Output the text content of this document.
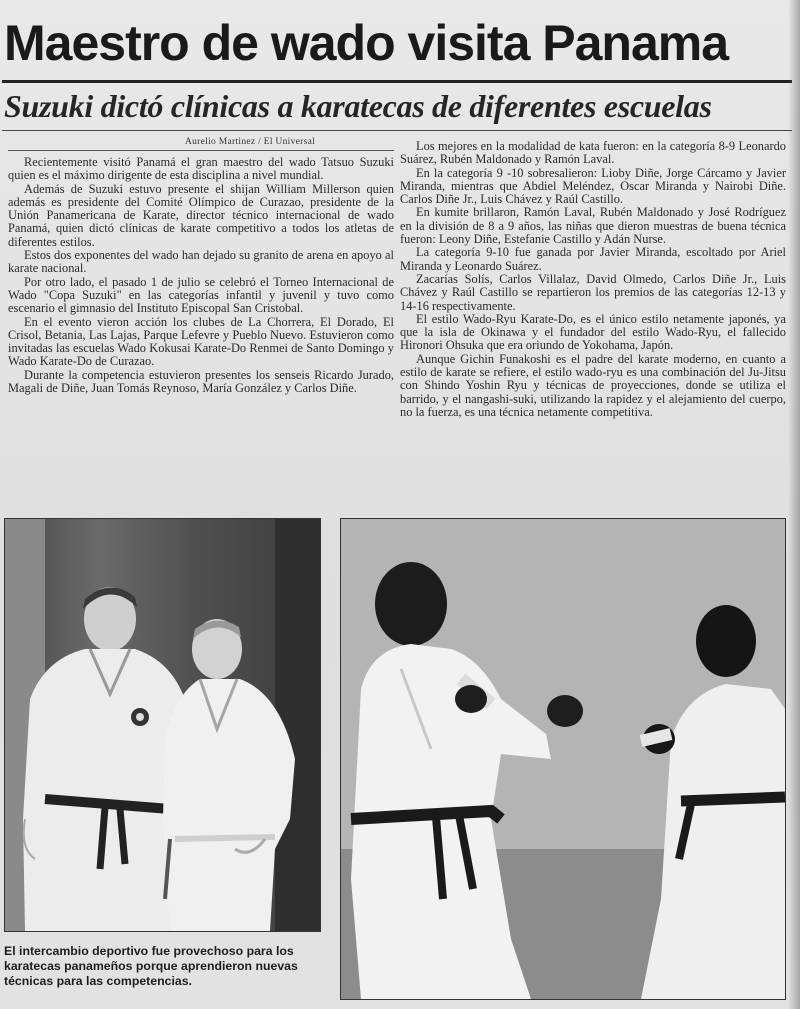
Maestro de wado visita Panama
Suzuki dictó clínicas a karatecas de diferentes escuelas
Aurelio Martinez / El Universal

Recientemente visitó Panamá el gran maestro del wado Tatsuo Suzuki quien es el máximo dirigente de esta disciplina a nivel mundial.

Además de Suzuki estuvo presente el shijan William Millerson quien además es presidente del Comité Olímpico de Curazao, presidente de la Unión Panamericana de Karate, director técnico internacional de wado Panamá, quien dictó clínicas de karate competitivo a todos los atletas de diferentes estilos.

Estos dos exponentes del wado han dejado su granito de arena en apoyo al karate nacional.

Por otro lado, el pasado 1 de julio se celebró el Torneo Internacional de Wado "Copa Suzuki" en las categorías infantil y juvenil y tuvo como escenario el gimnasio del Instituto Episcopal San Cristobal.

En el evento vieron acción los clubes de La Chorrera, El Dorado, El Crisol, Betania, Las Lajas, Parque Lefevre y Pueblo Nuevo. Estuvieron como invitadas las escuelas Wado Kokusai Karate-Do Renmei de Santo Domingo y Wado Karate-Do de Curazao.

Durante la competencia estuvieron presentes los senseis Ricardo Jurado, Magali de Diñe, Juan Tomás Reynoso, María González y Carlos Diñe.

Los mejores en la modalidad de kata fueron: en la categoría 8-9 Leonardo Suárez, Rubén Maldonado y Ramón Laval.

En la categoría 9 -10 sobresalieron: Lioby Diñe, Jorge Cárcamo y Javier Miranda, mientras que Abdiel Meléndez, Oscar Miranda y Nairobi Diñe. Carlos Diñe Jr., Luis Chávez y Raúl Castillo.

En kumite brillaron, Ramón Laval, Rubén Maldonado y José Rodríguez en la división de 8 a 9 años, las niñas que dieron muestras de buena técnica fueron: Leony Diñe, Estefanie Castillo y Adán Nurse.

La categoría 9-10 fue ganada por Javier Miranda, escoltado por Ariel Miranda y Leonardo Suárez.

Zacarías Solís, Carlos Villalaz, David Olmedo, Carlos Diñe Jr., Luis Chávez y Raúl Castillo se repartieron los premios de las categorías 12-13 y 14-16 respectivamente.

El estilo Wado-Ryu Karate-Do, es el único estilo netamente japonés, ya que la isla de Okinawa y el fundador del estilo Wado-Ryu, el fallecido Hironori Ohsuka que era oriundo de Yokohama, Japón.

Aunque Gichin Funakoshi es el padre del karate moderno, en cuanto a estilo de karate se refiere, el estilo wado-ryu es una combinación del Ju-Jitsu con Shindo Yoshin Ryu y técnicas de proyecciones, donde se utiliza el barrido, y el nangashi-suki, utilizando la rapidez y el alejamiento del cuerpo, no la fuerza, es una técnica netamente competitiva.

El intercambio deportivo fue provechoso para los karatecas panameños porque aprendieron nuevas técnicas para las competencias.
